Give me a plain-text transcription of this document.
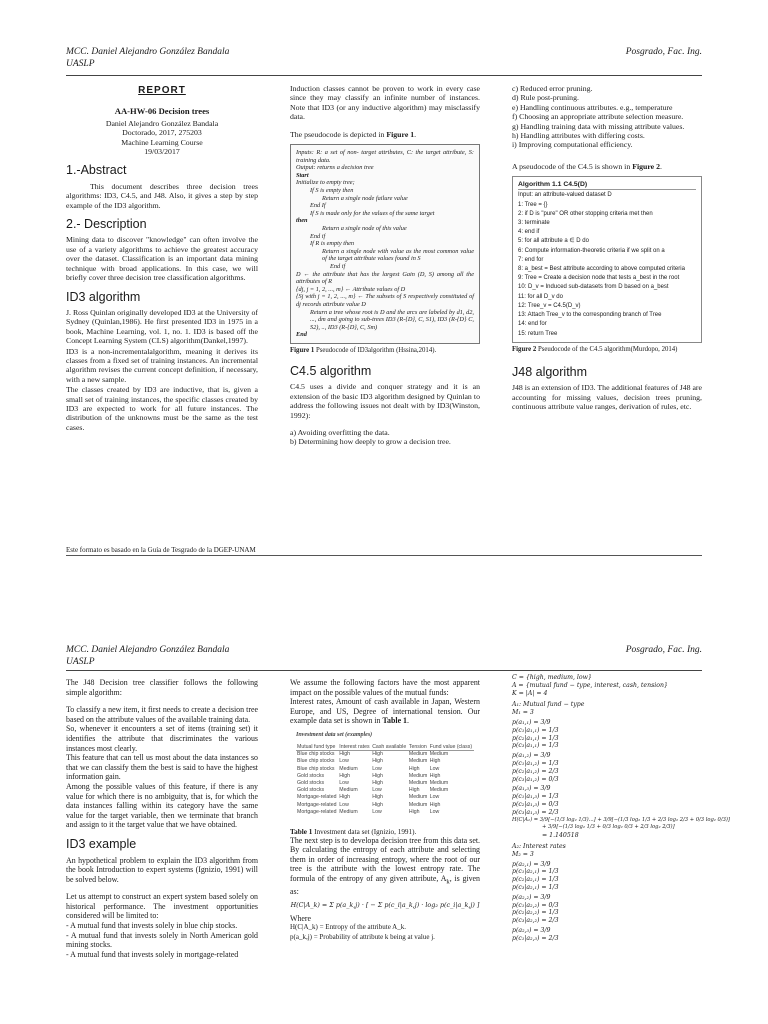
MCC. Daniel Alejandro González Bandala
UASLP
Posgrado, Fac. Ing.
REPORT
AA-HW-06 Decision trees
Daniel Alejandro González Bandala
Doctorado, 2017, 275203
Machine Learning Course
19/03/2017
1.-Abstract

This document describes three decision trees algorithms: ID3, C4.5, and J48. Also, it gives a step by step example of the ID3 algorithm.

2.- Description

Mining data to discover "knowledge" can often involve the use of a variety algorithms to achieve the greatest accuracy over the dataset. Classification is an important data mining technique with broad applications. In this case, we will briefly cover three decision tree classification algorithms.

ID3 algorithm

J. Ross Quinlan originally developed ID3 at the University of Sydney (Quinlan,1986). He first presented ID3 in 1975 in a book, Machine Learning, vol. 1, no. 1. ID3 is based off the Concept Learning System (CLS) algorithm(Dankel,1997).

ID3 is a non-incrementalalgorithm, meaning it derives its classes from a fixed set of training instances. An incremental algorithm revises the current concept definition, if necessary, with a new sample.

The classes created by ID3 are inductive, that is, given a small set of training instances, the specific classes created by ID3 are expected to work for all future instances. The distribution of the unknowns must be the same as the test cases.

Induction classes cannot be proven to work in every case since they may classify an infinite number of instances. Note that ID3 (or any inductive algorithm) may misclassify data.

The pseudocode is depicted in Figure 1.

Inputs: R: a set of non- target attributes, C: the target attribute, S: training data.
Output: returns a decision tree
Start
Initialize to empty tree;
If S is empty then
Return a single node failure value
End If
If S is made only for the values of the same target
then
Return a single node of this value
End if
If R is empty then
Return a single node with value as the most common value of the target attribute values found in S
End if
D ← the attribute that has the largest Gain (D, S) among all the attributes of R
{dj, j = 1, 2, ..., m} ← Attribute values of D
{Sj with j = 1, 2, ..., m} ← The subsets of S respectively constituted of dj records attribute value D
Return a tree whose root is D and the arcs are labeled by d1, d2, ..., dm and going to sub-trees ID3 (R-{D}, C, S1), ID3 (R-{D} C, S2), .., ID3 (R-{D}, C, Sm)
End
Figure 1 Pseudocode of ID3algorithm (Hssina,2014).
C4.5 algorithm

C4.5 uses a divide and conquer strategy and it is an extension of the basic ID3 algorithm designed by Quinlan to address the following issues not dealt with by ID3(Winston, 1992):

a) Avoiding overfitting the data.
b) Determining how deeply to grow a decision tree.
c) Reduced error pruning.
d) Rule post-pruning.
e) Handling continuous attributes. e.g., temperature
f) Choosing an appropriate attribute selection measure.
g) Handling training data with missing attribute values.
h) Handling attributes with differing costs.
i) Improving computational efficiency.

A pseudocode of the C4.5 is shown in Figure 2.

Algorithm 1.1 C4.5(D)
Input: an attribute-valued dataset D
1: Tree = {}
2: if D is "pure" OR other stopping criteria met then
3: terminate
4: end if
5: for all attribute a ∈ D do
6: Compute information-theoretic criteria if we split on a
7: end for
8: a_best = Best attribute according to above computed criteria
9: Tree = Create a decision node that tests a_best in the root
10: D_v = Induced sub-datasets from D based on a_best
11: for all D_v do
12: Tree_v = C4.5(D_v)
13: Attach Tree_v to the corresponding branch of Tree
14: end for
15: return Tree
Figure 2 Pseudocode of the C4.5 algorithm(Murdopo, 2014)
J48 algorithm

J48 is an extension of ID3. The additional features of J48 are accounting for missing values, decision trees pruning, continuous attribute value ranges, derivation of rules, etc.

Este formato es basado en la Guía de Tesgrado de la DGEP-UNAM
MCC. Daniel Alejandro González Bandala
UASLP
Posgrado, Fac. Ing.

The J48 Decision tree classifier follows the following simple algorithm:

To classify a new item, it first needs to create a decision tree based on the attribute values of the available training data.

So, whenever it encounters a set of items (training set) it identifies the attribute that discriminates the various instances most clearly.

This feature that can tell us most about the data instances so that we can classify them the best is said to have the highest information gain.

Among the possible values of this feature, if there is any value for which there is no ambiguity, that is, for which the data instances falling within its category have the same value for the target variable, then we terminate that branch and assign to it the target value that we have obtained.

ID3 example

An hypothetical problem to explain the ID3 algorithm from the book Introduction to expert systems (Ignizio, 1991) will be solved below.

Let us attempt to construct an expert system based solely on historical performance. The investment opportunities considered will be limited to:

- A mutual fund that invests solely in blue chip stocks.
- A mutual fund that invests solely in North American gold mining stocks.
- A mutual fund that invests solely in mortgage-related

We assume the following factors have the most apparent impact on the possible values of the mutual funds:

Interest rates, Amount of cash available in Japan, Western Europe, and US, Degree of international tension. Our example data set is shown in Table 1.

Investment data set (examples)
Mutual fund type	Interest rates	Cash available	Tension	Fund value (class)
Blue chip stocks	High	High	Medium	Medium
Blue chip stocks	Low	High	Medium	High
Blue chip stocks	Medium	Low	High	Low
Gold stocks	High	High	Medium	High
Gold stocks	Low	High	Medium	Medium
Gold stocks	Medium	Low	High	Medium
Mortgage-related	High	High	Medium	Low
Mortgage-related	Low	High	Medium	High
Mortgage-related	Medium	Low	High	Low
Table 1 Investment data set (Ignizio, 1991).

The next step is to developa decision tree from this data set. By calculating the entropy of each attribute and selecting them in order of increasing entropy, where the root of our tree is the attribute with the lowest entropy rate. The formula of the entropy of any given attribute, $A_k$, is given as:

H(C|A_k) = Σ p(a_k,j) · [ − Σ p(c_i|a_k,j) · log₂ p(c_i|a_k,j) ]
Where
H(C|A_k) = Entropy of the attribute A_k.
p(a_k,j) = Probability of attribute k being at value j.
C = {high, medium, low}
A = {mutual fund − type, interest, cash, tension}
K = |A| = 4
A₁: Mutual fund − type
M₁ = 3
p(a₁,₁) = 3/9
p(c₁|a₁,₁) = 1/3
p(c₂|a₁,₁) = 1/3
p(c₃|a₁,₁) = 1/3
p(a₁,₂) = 3/9
p(c₁|a₁,₂) = 1/3
p(c₂|a₁,₂) = 2/3
p(c₃|a₁,₂) = 0/3
p(a₁,₃) = 3/9
p(c₁|a₁,₃) = 1/3
p(c₂|a₁,₃) = 0/3
p(c₃|a₁,₃) = 2/3
H(C|A₁) = 3/9[−(1/3 log₂ 1/3)...] + 3/9[−(1/3 log₂ 1/3 + 2/3 log₂ 2/3 + 0/3 log₂ 0/3)]
+ 3/9[−(1/3 log₂ 1/3 + 0/3 log₂ 0/3 + 2/3 log₂ 2/3)]
= 1.140518
A₂: Interest rates
M₂ = 3
p(a₂,₁) = 3/9
p(c₁|a₂,₁) = 1/3
p(c₂|a₂,₁) = 1/3
p(c₃|a₂,₁) = 1/3
p(a₂,₂) = 3/9
p(c₁|a₂,₂) = 0/3
p(c₂|a₂,₂) = 1/3
p(c₃|a₂,₂) = 2/3
p(a₂,₃) = 3/9
p(c₁|a₂,₃) = 2/3
